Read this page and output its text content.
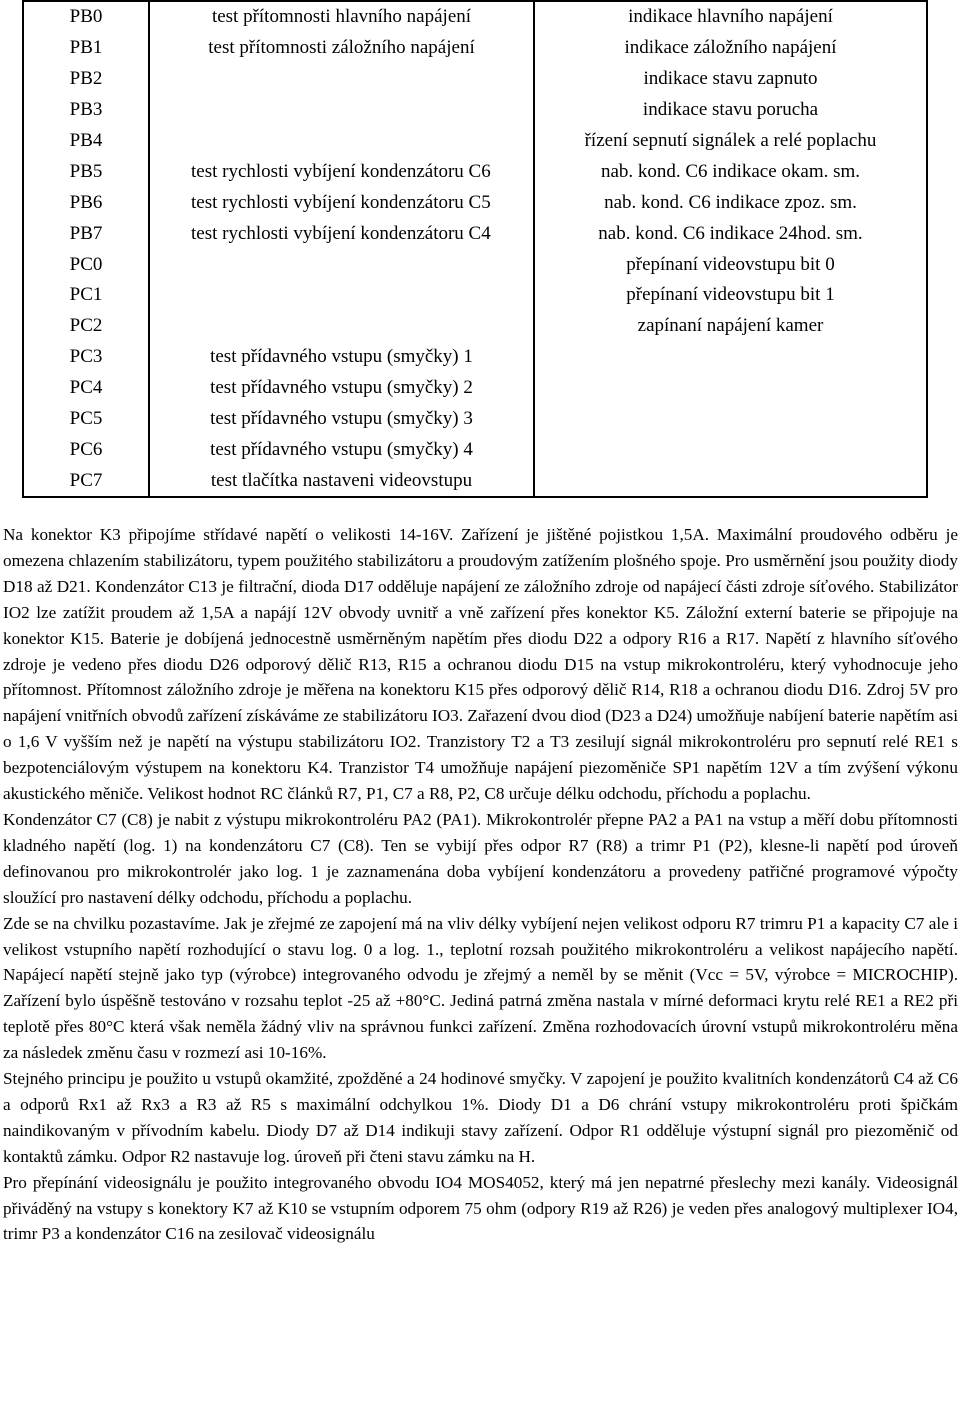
PB0	test přítomnosti hlavního napájení	indikace hlavního napájení
PB1	test přítomnosti záložního napájení	indikace záložního napájení
PB2		indikace stavu zapnuto
PB3		indikace stavu porucha
PB4		řízení sepnutí signálek a relé poplachu
PB5	test rychlosti vybíjení kondenzátoru C6	nab. kond. C6 indikace okam. sm.
PB6	test rychlosti vybíjení kondenzátoru C5	nab. kond. C6 indikace zpoz. sm.
PB7	test rychlosti vybíjení kondenzátoru C4	nab. kond. C6 indikace 24hod. sm.
PC0		přepínaní videovstupu bit 0
PC1		přepínaní videovstupu bit 1
PC2		zapínaní napájení kamer
PC3	test přídavného vstupu (smyčky) 1	
PC4	test přídavného vstupu (smyčky) 2	
PC5	test přídavného vstupu (smyčky) 3	
PC6	test přídavného vstupu (smyčky) 4	
PC7	test tlačítka nastaveni videovstupu	

Na konektor K3 připojíme střídavé napětí o velikosti 14-16V. Zařízení je jištěné pojistkou 1,5A. Maximální proudového odběru je omezena chlazením stabilizátoru, typem použitého stabilizátoru a proudovým zatížením plošného spoje. Pro usměrnění jsou použity diody D18 až D21. Kondenzátor C13 je filtrační, dioda D17 odděluje napájení ze záložního zdroje od napájecí části zdroje síťového. Stabilizátor IO2 lze zatížit proudem až 1,5A a napájí 12V obvody uvnitř a vně zařízení přes konektor K5. Záložní externí baterie se připojuje na konektor K15. Baterie je dobíjená jednocestně usměrněným napětím přes diodu D22 a odpory R16 a R17. Napětí z hlavního síťového zdroje je vedeno přes diodu D26 odporový dělič R13, R15 a ochranou diodu D15 na vstup mikrokontroléru, který vyhodnocuje jeho přítomnost. Přítomnost záložního zdroje je měřena na konektoru K15 přes odporový dělič R14, R18 a ochranou diodu D16. Zdroj 5V pro napájení vnitřních obvodů zařízení získáváme ze stabilizátoru IO3. Zařazení dvou diod (D23 a D24) umožňuje nabíjení baterie napětím asi o 1,6 V vyšším než je napětí na výstupu stabilizátoru IO2. Tranzistory T2 a T3 zesilují signál mikrokontroléru pro sepnutí relé RE1 s bezpotenciálovým výstupem na konektoru K4. Tranzistor T4 umožňuje napájení piezoměniče SP1 napětím 12V a tím zvýšení výkonu akustického měniče. Velikost hodnot RC článků R7, P1, C7 a R8, P2, C8 určuje délku odchodu, příchodu a poplachu.

Kondenzátor C7 (C8) je nabit z výstupu mikrokontroléru PA2 (PA1). Mikrokontrolér přepne PA2 a PA1 na vstup a měří dobu přítomnosti kladného napětí (log. 1) na kondenzátoru C7 (C8). Ten se vybijí přes odpor R7 (R8) a trimr P1 (P2), klesne-li napětí pod úroveň definovanou pro mikrokontrolér jako log. 1 je zaznamenána doba vybíjení kondenzátoru a provedeny patřičné programové výpočty sloužící pro nastavení délky odchodu, příchodu a poplachu.

Zde se na chvilku pozastavíme. Jak je zřejmé ze zapojení má na vliv délky vybíjení nejen velikost odporu R7 trimru P1 a kapacity C7 ale i velikost vstupního napětí rozhodující o stavu log. 0 a log. 1., teplotní rozsah použitého mikrokontroléru a velikost napájecího napětí. Napájecí napětí stejně jako typ (výrobce) integrovaného odvodu je zřejmý a neměl by se měnit (Vcc = 5V, výrobce = MICROCHIP). Zařízení bylo úspěšně testováno v rozsahu teplot -25 až +80°C. Jediná patrná změna nastala v mírné deformaci krytu relé RE1 a RE2 při teplotě přes 80°C která však neměla žádný vliv na správnou funkci zařízení. Změna rozhodovacích úrovní vstupů mikrokontroléru měna za následek změnu času v rozmezí asi 10-16%.

Stejného principu je použito u vstupů okamžité, zpožděné a 24 hodinové smyčky. V zapojení je použito kvalitních kondenzátorů C4 až C6 a odporů Rx1 až Rx3 a R3 až R5 s maximální odchylkou 1%. Diody D1 a D6 chrání vstupy mikrokontroléru proti špičkám naindikovaným v přívodním kabelu. Diody D7 až D14 indikuji stavy zařízení. Odpor R1 odděluje výstupní signál pro piezoměnič od kontaktů zámku. Odpor R2 nastavuje log. úroveň při čteni stavu zámku na H.

Pro přepínání videosignálu je použito integrovaného obvodu IO4 MOS4052, který má jen nepatrné přeslechy mezi kanály. Videosignál přiváděný na vstupy s konektory K7 až K10 se vstupním odporem 75 ohm (odpory R19 až R26) je veden přes analogový multiplexer IO4, trimr P3 a kondenzátor C16 na zesilovač videosignálu
